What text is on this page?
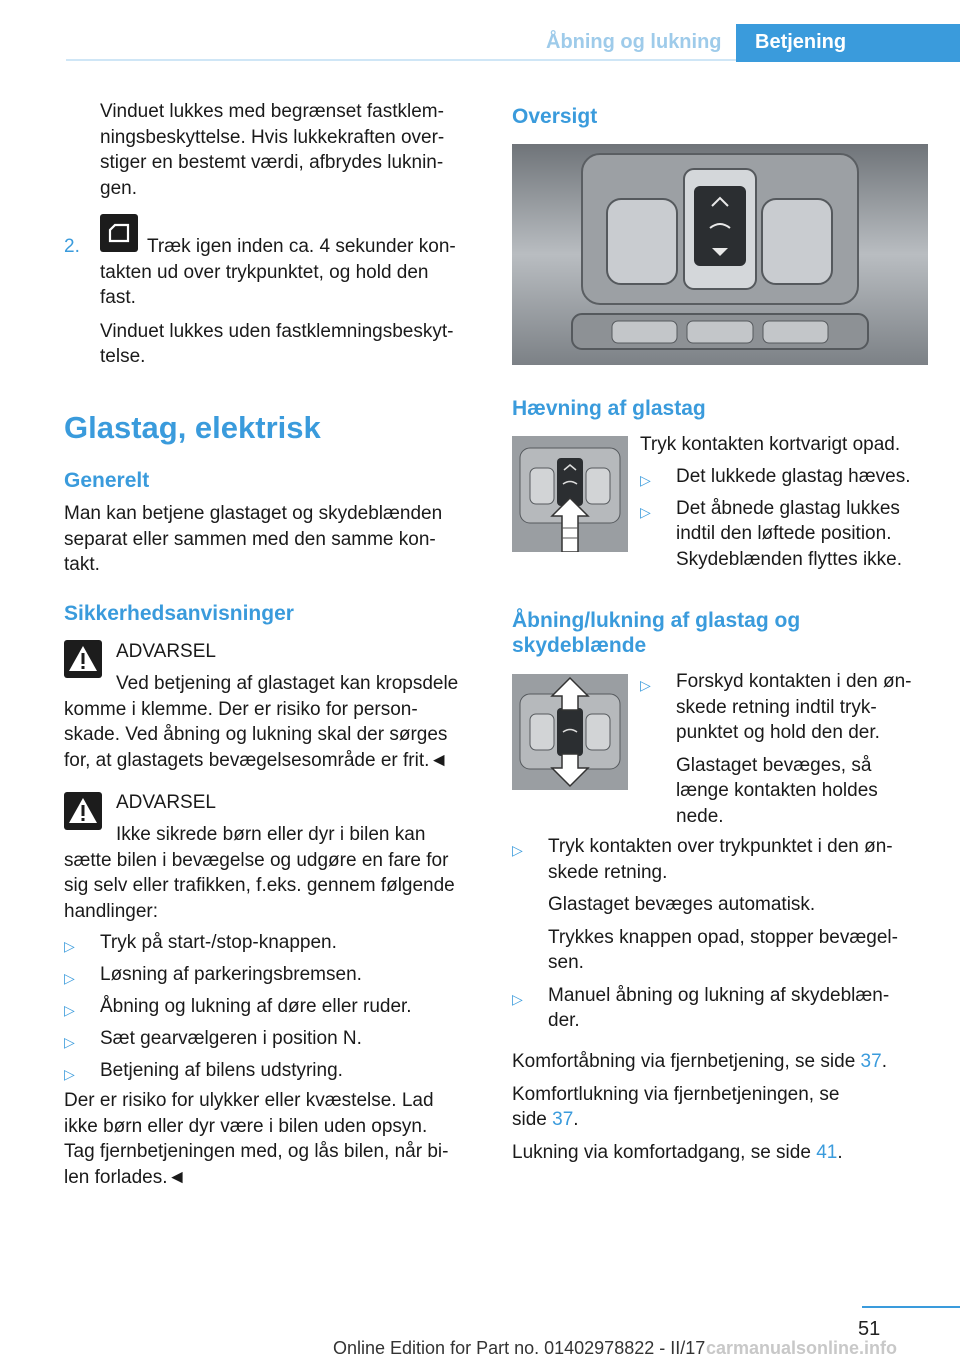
Åbning og lukning Betjening
Vinduet lukkes med begrænset fastklem‐
ningsbeskyttelse. Hvis lukkekraften over‐
stiger en bestemt værdi, afbrydes luknin‐
gen.
2.	Træk igen inden ca. 4 sekunder kon‐
takten ud over trykpunktet, og hold den
fast.
Vinduet lukkes uden fastklemningsbeskyt‐
telse.
Glastag, elektrisk
Generelt
Man kan betjene glastaget og skydeblænden
separat eller sammen med den samme kon‐
takt.
Sikkerhedsanvisninger
ADVARSEL
Ved betjening af glastaget kan kropsdele
komme i klemme. Der er risiko for person‐
skade. Ved åbning og lukning skal der sørges
for, at glastagets bevægelsesområde er frit.◄
ADVARSEL
Ikke sikrede børn eller dyr i bilen kan
sætte bilen i bevægelse og udgøre en fare for
sig selv eller trafikken, f.eks. gennem følgende
handlinger:
▷ Tryk på start-/stop-knappen.
▷ Løsning af parkeringsbremsen.
▷ Åbning og lukning af døre eller ruder.
▷ Sæt gearvælgeren i position N.
▷ Betjening af bilens udstyring.
Der er risiko for ulykker eller kvæstelse. Lad
ikke børn eller dyr være i bilen uden opsyn.
Tag fjernbetjeningen med, og lås bilen, når bi‐
len forlades.◄
Oversigt
Hævning af glastag
Tryk kontakten kortvarigt opad.
▷ Det lukkede glastag hæves.
▷ Det åbnede glastag lukkes
indtil den løftede position.
Skydeblænden flyttes ikke.
Åbning/lukning af glastag og
skydeblænde
▷ Forskyd kontakten i den øn‐
skede retning indtil tryk‐
punktet og hold den der.
Glastaget bevæges, så
længe kontakten holdes
nede.
▷ Tryk kontakten over trykpunktet i den øn‐
skede retning.
Glastaget bevæges automatisk.
Trykkes knappen opad, stopper bevægel‐
sen.
▷ Manuel åbning og lukning af skydeblæn‐
der.
Komfortåbning via fjernbetjening, se side 37.
Komfortlukning via fjernbetjeningen, se
side 37.
Lukning via komfortadgang, se side 41.
51
Online Edition for Part no. 01402978822 - II/17 carmanualsonline.info
